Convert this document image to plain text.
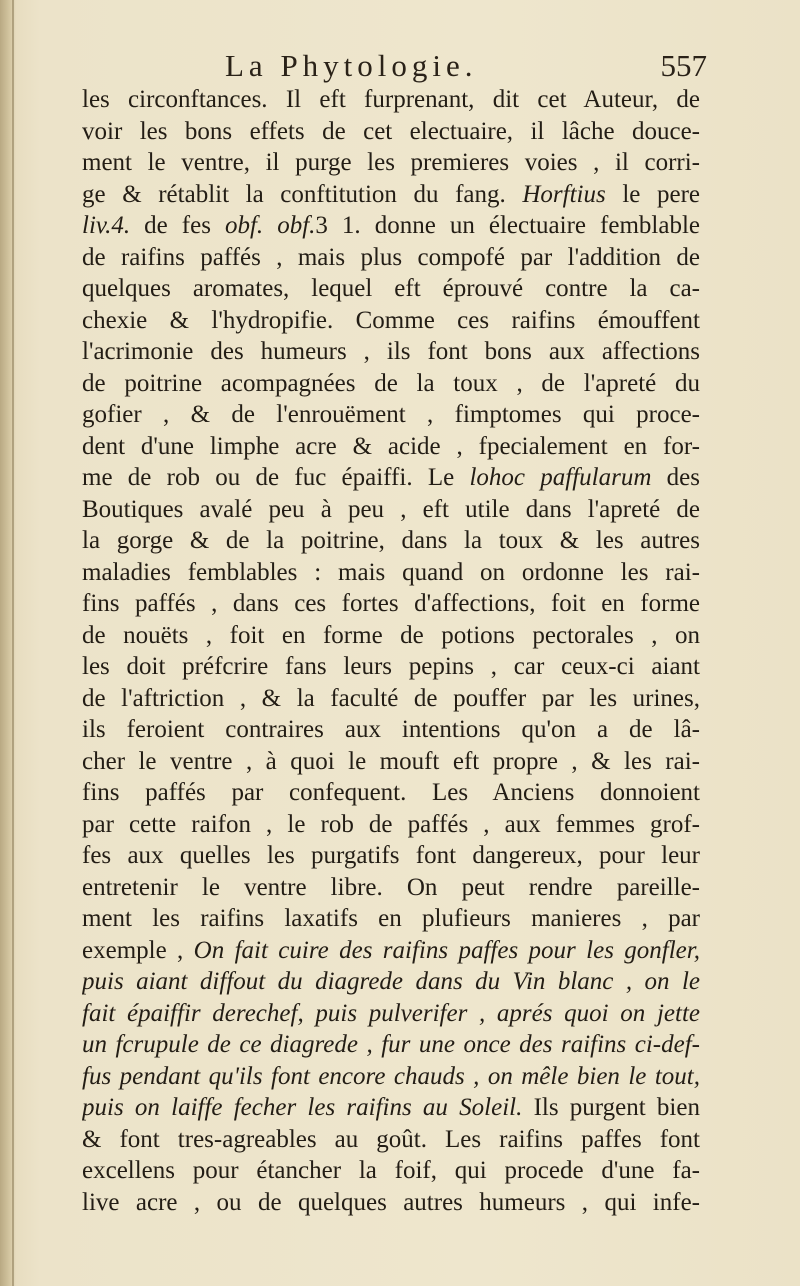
La Phytologie.	557
les circonftances. Il eft furprenant, dit cet Auteur, de
voir les bons effets de cet electuaire, il lâche douce-
ment le ventre, il purge les premieres voies , il corri-
ge & rétablit la conftitution du fang. Horftius le pere
liv.4. de fes obf. obf.3 1. donne un électuaire femblable
de raifins paffés , mais plus compofé par l'addition de
quelques aromates, lequel eft éprouvé contre la ca-
chexie & l'hydropifie. Comme ces raifins émouffent
l'acrimonie des humeurs , ils font bons aux affections
de poitrine acompagnées de la toux , de l'apreté du
gofier , & de l'enrouëment , fimptomes qui proce-
dent d'une limphe acre & acide , fpecialement en for-
me de rob ou de fuc épaiffi. Le lohoc paffularum des
Boutiques avalé peu à peu , eft utile dans l'apreté de
la gorge & de la poitrine, dans la toux & les autres
maladies femblables : mais quand on ordonne les rai-
fins paffés , dans ces fortes d'affections, foit en forme
de nouëts , foit en forme de potions pectorales , on
les doit préfcrire fans leurs pepins , car ceux-ci aiant
de l'aftriction , & la faculté de pouffer par les urines,
ils feroient contraires aux intentions qu'on a de lâ-
cher le ventre , à quoi le mouft eft propre , & les rai-
fins paffés par confequent. Les Anciens donnoient
par cette raifon , le rob de paffés , aux femmes grof-
fes aux quelles les purgatifs font dangereux, pour leur
entretenir le ventre libre. On peut rendre pareille-
ment les raifins laxatifs en plufieurs manieres , par
exemple , On fait cuire des raifins paffes pour les gonfler,
puis aiant diffout du diagrede dans du Vin blanc , on le
fait épaiffir derechef, puis pulverifer , aprés quoi on jette
un fcrupule de ce diagrede , fur une once des raifins ci-def-
fus pendant qu'ils font encore chauds , on mêle bien le tout,
puis on laiffe fecher les raifins au Soleil. Ils purgent bien
& font tres-agreables au goût. Les raifins paffes font
excellens pour étancher la foif, qui procede d'une fa-
live acre , ou de quelques autres humeurs , qui infe-
